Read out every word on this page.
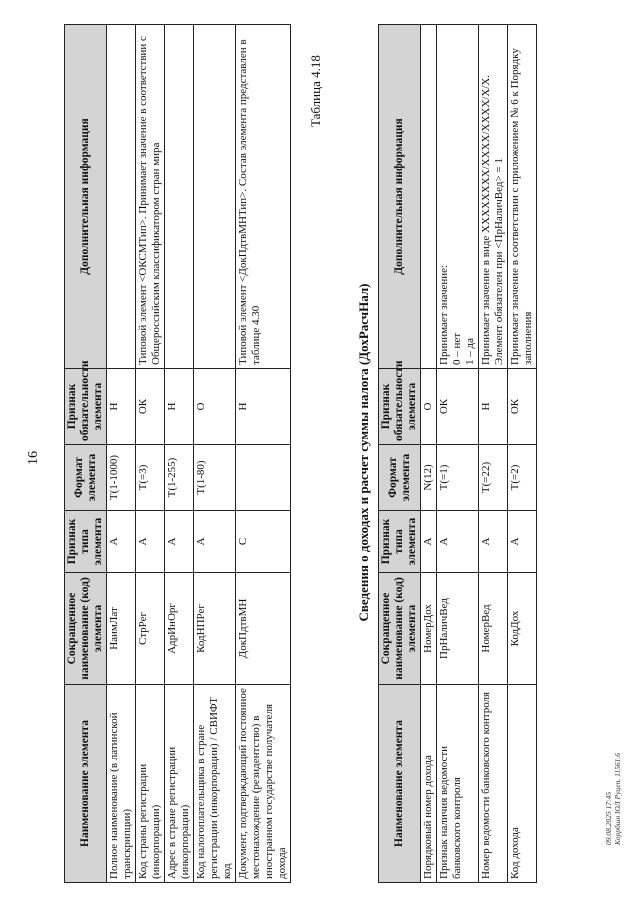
16
Наименование элемента	Сокращенное наименование (код) элемента	Признак типа элемента	Формат элемента	Признак обязательности элемента	Дополнительная информация
Полное наименование (в латинской транскрипции)	НаимЛат	А	Т(1-1000)	Н	
Код страны регистрации (инкорпорации)	СтрРег	А	Т(=3)	ОК	Типовой элемент <ОКСМТип>. Принимает значение в соответствии с Общероссийским классификатором стран мира
Адрес в стране регистрации (инкорпорации)	АдрИнОрг	А	Т(1-255)	Н	
Код налогоплательщика в стране регистрации (инкорпорации) / СВИФТ код	КодНПРег	А	Т(1-80)	О	
Документ, подтверждающий постоянное местонахождение (резидентство) в иностранном государстве получателя дохода	ДокПдтвМН	С		Н	Типовой элемент <ДокПдтвМНТип>. Состав элемента представлен в таблице 4.30
Таблица 4.18
Сведения о доходах и расчет суммы налога (ДохРасчНал)
Наименование элемента	Сокращенное наименование (код) элемента	Признак типа элемента	Формат элемента	Признак обязательности элемента	Дополнительная информация
Порядковый номер дохода	НомерДох	А	N(12)	О	
Признак наличия ведомости банковского контроля	ПрНаличВед	А	Т(=1)	ОК	Принимает значение:
0 – нет
1 – да
Номер ведомости банковского контроля	НомерВед	А	Т(=22)	Н	Принимает значение в виде XXXXXXXX/XXXX/XXXX/X/X.
Элемент обязателен при <ПрНаличВед> = 1
Код дохода	КодДох	А	Т(=2)	ОК	Принимает значение в соответствии с приложением № 6 к Порядку заполнения
09.08.2025 17:45 Коррбшн ЮЛ Руцеп. 11561.6
